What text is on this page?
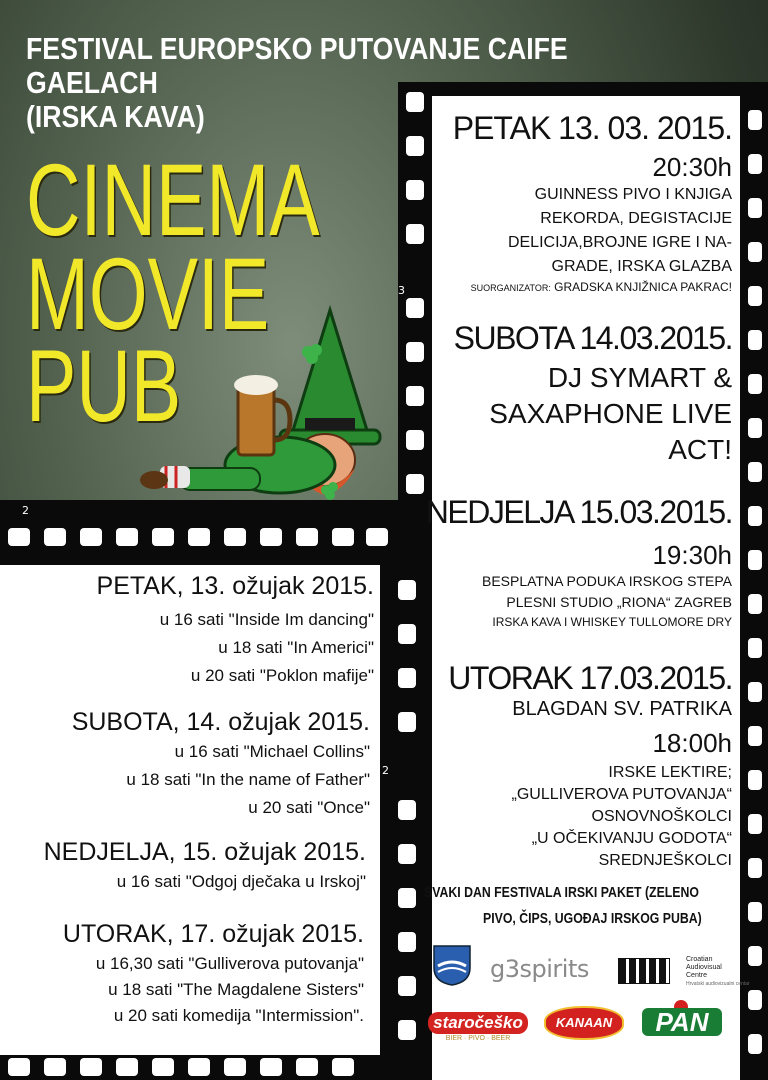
FESTIVAL EUROPSKO PUTOVANJE CAIFE GAELACH
(IRSKA KAVA)
CINEMA
MOVIE
PUB
3
2
2
PETAK 13. 03. 2015.
20:30h
GUINNESS PIVO I KNJIGA
REKORDA, DEGISTACIJE
DELICIJA,BROJNE IGRE I NA-
GRADE, IRSKA GLAZBA
SUORGANIZATOR: GRADSKA KNJIŽNICA PAKRAC!
SUBOTA 14.03.2015.
DJ SYMART &
SAXAPHONE LIVE
ACT!
NEDJELJA 15.03.2015.
19:30h
BESPLATNA PODUKA IRSKOG STEPA
PLESNI STUDIO „RIONA“ ZAGREB
IRSKA KAVA I WHISKEY TULLOMORE DRY
UTORAK 17.03.2015.
BLAGDAN SV. PATRIKA
18:00h
IRSKE LEKTIRE;
„GULLIVEROVA PUTOVANJA“
OSNOVNOŠKOLCI
„U OČEKIVANJU GODOTA“
SREDNJEŠKOLCI
SVAKI DAN FESTIVALA IRSKI PAKET (ZELENO
PIVO, ČIPS, UGOĐAJ IRSKOG PUBA)
PETAK, 13. ožujak 2015.
u 16 sati "Inside Im dancing"
u 18 sati "In Americi"
u 20 sati "Poklon mafije"
SUBOTA, 14. ožujak 2015.
u 16 sati "Michael Collins"
u 18 sati "In the name of Father"
u 20 sati "Once"
NEDJELJA, 15. ožujak 2015.
u 16 sati "Odgoj dječaka u Irskoj"
UTORAK, 17. ožujak 2015.
u 16,30 sati "Gulliverova putovanja"
u 18 sati "The Magdalene Sisters"
u 20 sati komedija "Intermission".
g3spirits	Croatian
Audiovisual
Centre
Hrvatski audiovizualni centar
staročeško
BIER · PIVO · BEER
KANAAN	PAN
